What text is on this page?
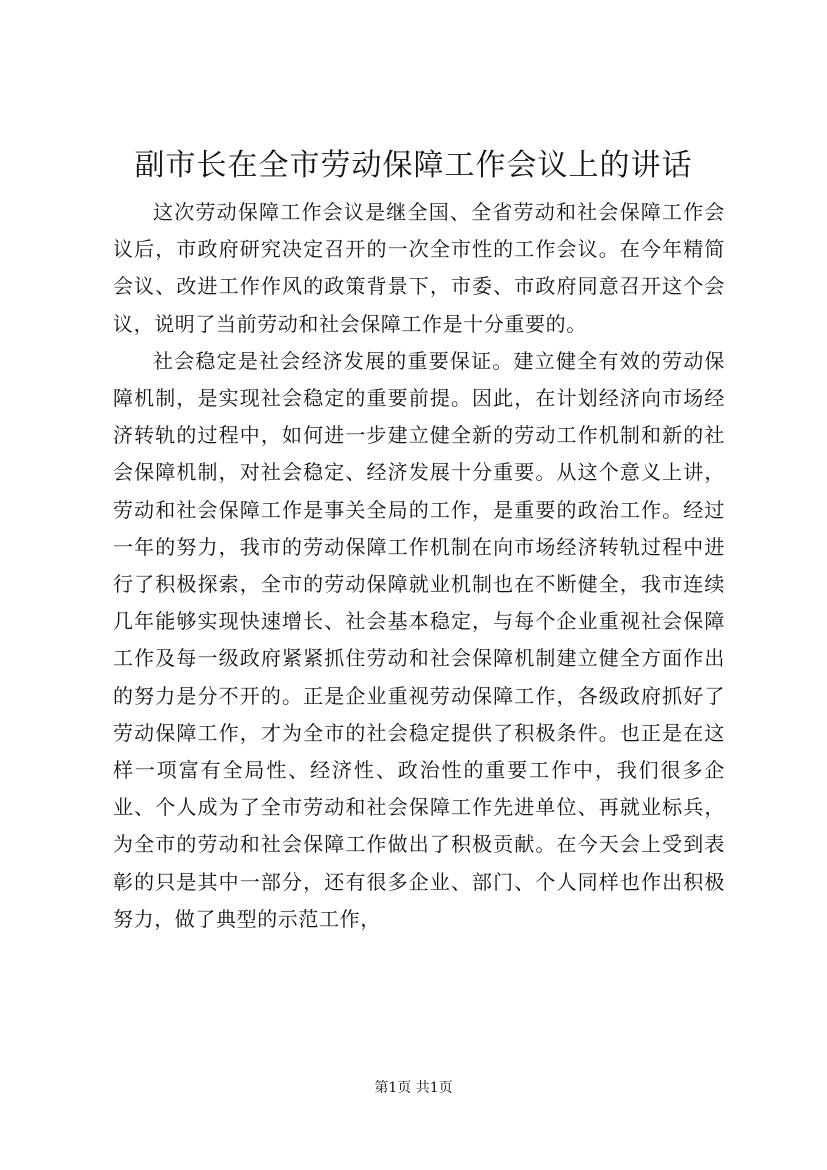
副市长在全市劳动保障工作会议上的讲话

这次劳动保障工作会议是继全国、全省劳动和社会保障工作会议后，市政府研究决定召开的一次全市性的工作会议。在今年精简会议、改进工作作风的政策背景下，市委、市政府同意召开这个会议，说明了当前劳动和社会保障工作是十分重要的。

社会稳定是社会经济发展的重要保证。建立健全有效的劳动保障机制，是实现社会稳定的重要前提。因此，在计划经济向市场经济转轨的过程中，如何进一步建立健全新的劳动工作机制和新的社会保障机制，对社会稳定、经济发展十分重要。从这个意义上讲，劳动和社会保障工作是事关全局的工作，是重要的政治工作。经过一年的努力，我市的劳动保障工作机制在向市场经济转轨过程中进行了积极探索，全市的劳动保障就业机制也在不断健全，我市连续几年能够实现快速增长、社会基本稳定，与每个企业重视社会保障工作及每一级政府紧紧抓住劳动和社会保障机制建立健全方面作出的努力是分不开的。正是企业重视劳动保障工作，各级政府抓好了劳动保障工作，才为全市的社会稳定提供了积极条件。也正是在这样一项富有全局性、经济性、政治性的重要工作中，我们很多企业、个人成为了全市劳动和社会保障工作先进单位、再就业标兵，为全市的劳动和社会保障工作做出了积极贡献。在今天会上受到表彰的只是其中一部分，还有很多企业、部门、个人同样也作出积极努力，做了典型的示范工作，

第1页 共1页
